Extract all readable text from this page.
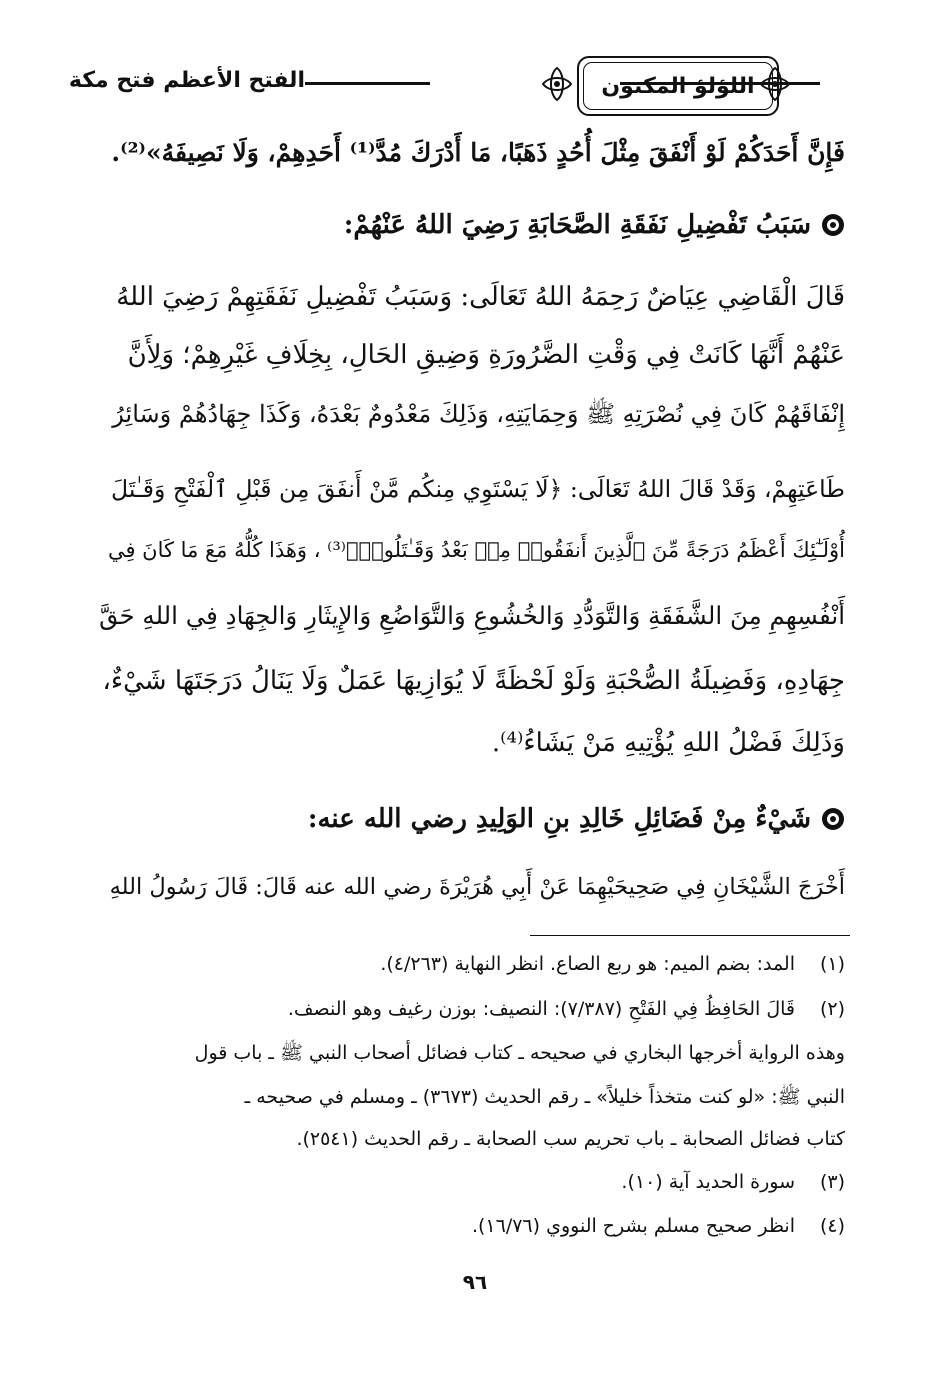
اللؤلؤ المكنون
الفتح الأعظم فتح مكة
فَإِنَّ أَحَدَكُمْ لَوْ أَنْفَقَ مِثْلَ أُحُدٍ ذَهَبًا، مَا أَدْرَكَ مُدَّ⁽¹⁾ أَحَدِهِمْ، وَلَا نَصِيفَهُ»⁽²⁾.
سَبَبُ تَفْضِيلِ نَفَقَةِ الصَّحَابَةِ رَضِيَ اللهُ عَنْهُمْ:
قَالَ الْقَاضِي عِيَاضٌ رَحِمَهُ اللهُ تَعَالَى: وَسَبَبُ تَفْضِيلِ نَفَقَتِهِمْ رَضِيَ اللهُ
عَنْهُمْ أَنَّهَا كَانَتْ فِي وَقْتِ الضَّرُورَةِ وَضِيقِ الحَالِ، بِخِلَافِ غَيْرِهِمْ؛ وَلِأَنَّ
إِنْفَاقَهُمْ كَانَ فِي نُصْرَتِهِ ﷺ وَحِمَايَتِهِ، وَذَلِكَ مَعْدُومٌ بَعْدَهُ، وَكَذَا جِهَادُهُمْ وَسَائِرُ
طَاعَتِهِمْ، وَقَدْ قَالَ اللهُ تَعَالَى: ﴿لَا يَسْتَوِي مِنكُم مَّنْ أَنفَقَ مِن قَبْلِ ٱلْفَتْحِ وَقَـٰتَلَ
أُوْلَـٰٓئِكَ أَعْظَمُ دَرَجَةً مِّنَ ٱلَّذِينَ أَنفَقُوا۟ مِنۢ بَعْدُ وَقَـٰتَلُوا۟﴾⁽³⁾ ، وَهَذَا كُلُّهُ مَعَ مَا كَانَ فِي
أَنْفُسِهِمِ مِنَ الشَّفَقَةِ وَالتَّوَدُّدِ وَالخُشُوعِ وَالتَّوَاضُعِ وَالإِيثَارِ وَالجِهَادِ فِي اللهِ حَقَّ
جِهَادِهِ، وَفَضِيلَةُ الصُّحْبَةِ وَلَوْ لَحْظَةً لَا يُوَازِيهَا عَمَلٌ وَلَا يَنَالُ دَرَجَتَهَا شَيْءٌ،
وَذَلِكَ فَضْلُ اللهِ يُؤْتِيهِ مَنْ يَشَاءُ⁽⁴⁾.
شَيْءٌ مِنْ فَضَائِلِ خَالِدِ بنِ الوَلِيدِ رضي الله عنه:
أَخْرَجَ الشَّيْخَانِ فِي صَحِيحَيْهِمَا عَنْ أَبِي هُرَيْرَةَ رضي الله عنه قَالَ: قَالَ رَسُولُ اللهِ
(١)
المد: بضم الميم: هو ربع الصاع. انظر النهاية (٤/٢٦٣).
(٢)
قَالَ الحَافِظُ فِي الفَتْحِ (٧/٣٨٧): النصيف: بوزن رغيف وهو النصف.
وهذه الرواية أخرجها البخاري في صحيحه ـ كتاب فضائل أصحاب النبي ﷺ ـ باب قول
النبي ﷺ: «لو كنت متخذاً خليلاً» ـ رقم الحديث (٣٦٧٣) ـ ومسلم في صحيحه ـ
كتاب فضائل الصحابة ـ باب تحريم سب الصحابة ـ رقم الحديث (٢٥٤١).
(٣)
سورة الحديد آية (١٠).
(٤)
انظر صحيح مسلم بشرح النووي (١٦/٧٦).
٩٦
